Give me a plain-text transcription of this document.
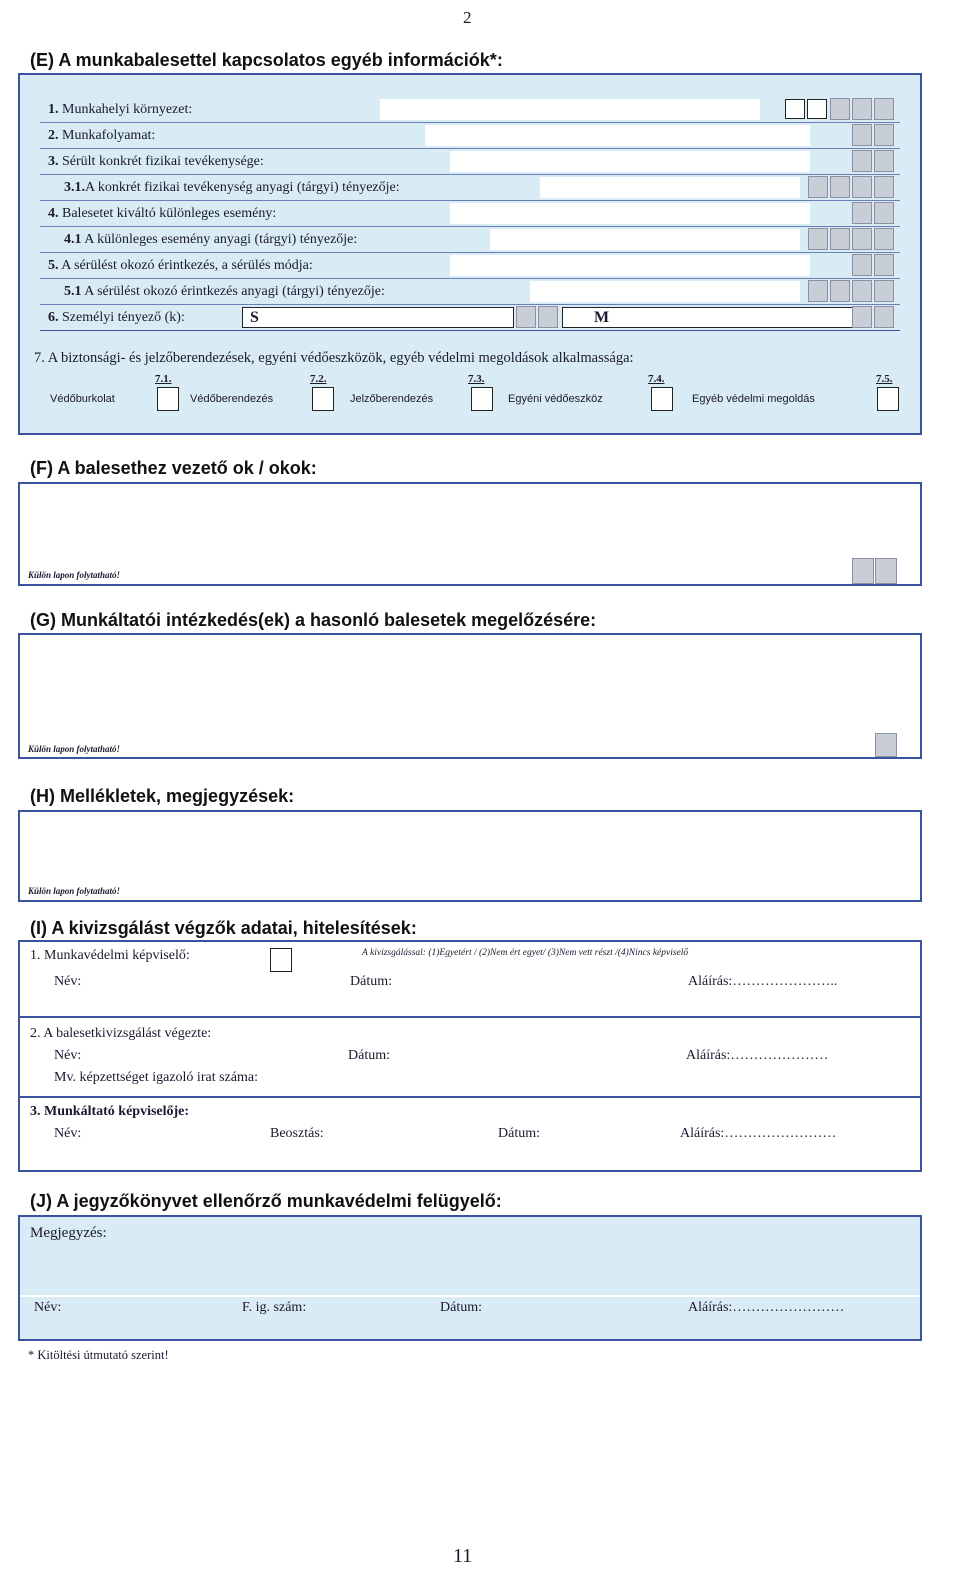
2
(E) A munkabalesettel kapcsolatos egyéb információk*:
1. Munkahelyi környezet:
2. Munkafolyamat:
3. Sérült konkrét fizikai tevékenysége:
3.1.A konkrét fizikai tevékenység anyagi (tárgyi) tényezője:
4. Balesetet kiváltó különleges esemény:
4.1 A különleges esemény anyagi (tárgyi) tényezője:
5. A sérülést okozó érintkezés, a sérülés módja:
5.1 A sérülést okozó érintkezés anyagi (tárgyi) tényezője:
6. Személyi tényező (k):	S	M
7. A biztonsági- és jelzőberendezések, egyéni védőeszközök, egyéb védelmi megoldások alkalmassága:
7.1.
Védőburkolat
7.2.
Védőberendezés
7.3.
Jelzőberendezés
7.4.
Egyéni védőeszköz
7.5.
Egyéb védelmi megoldás
(F) A balesethez vezető ok / okok:
Külön lapon folytatható!
(G) Munkáltatói intézkedés(ek) a hasonló balesetek megelőzésére:
Külön lapon folytatható!
(H) Mellékletek, megjegyzések:
Külön lapon folytatható!
(I) A kivizsgálást végzők adatai, hitelesítések:
1. Munkavédelmi képviselő:	A kivizsgálással: (1)Egyetért / (2)Nem ért egyet/ (3)Nem vett részt /(4)Nincs képviselő
Név:	Dátum:	Aláírás:…………………..
2. A balesetkivizsgálást végezte:
Név:	Dátum:	Aláírás:…………………
Mv. képzettséget igazoló irat száma:
3. Munkáltató képviselője:
Név:	Beosztás:	Dátum:	Aláírás:……………………
(J) A jegyzőkönyvet ellenőrző munkavédelmi felügyelő:
Megjegyzés:
Név:	F. ig. szám:	Dátum:	Aláírás:……………………
* Kitöltési útmutató szerint!
11
